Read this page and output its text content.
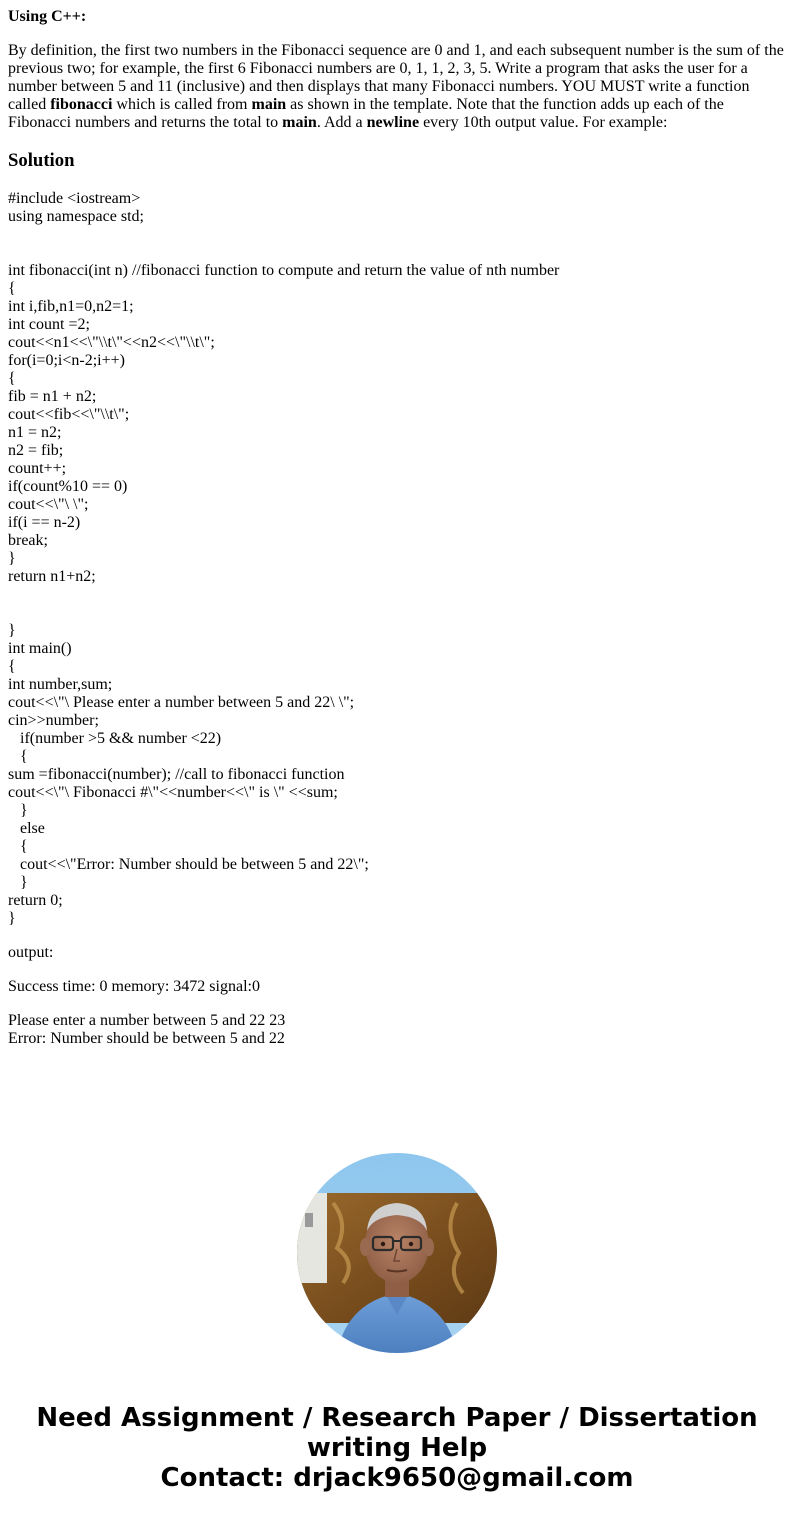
Using C++:
By definition, the first two numbers in the Fibonacci sequence are 0 and 1, and each subsequent number is the sum of the previous two; for example, the first 6 Fibonacci numbers are 0, 1, 1, 2, 3, 5. Write a program that asks the user for a number between 5 and 11 (inclusive) and then displays that many Fibonacci numbers. YOU MUST write a function called fibonacci which is called from main as shown in the template. Note that the function adds up each of the Fibonacci numbers and returns the total to main. Add a newline every 10th output value. For example:
Solution
#include <iostream>
using namespace std;
int fibonacci(int n) //fibonacci function to compute and return the value of nth number
{
int i,fib,n1=0,n2=1;
int count =2;
cout<<n1<<\"\\t\"<<n2<<\"\\t\";
for(i=0;i<n-2;i++)
{
fib = n1 + n2;
cout<<fib<<\"\\t\";
n1 = n2;
n2 = fib;
count++;
if(count%10 == 0)
cout<<\"\ \";
if(i == n-2)
break;
}
return n1+n2;
}
int main()
{
int number,sum;
cout<<\"\ Please enter a number between 5 and 22\ \";
cin>>number;
if(number >5 && number <22)
{
sum =fibonacci(number); //call to fibonacci function
cout<<\"\ Fibonacci #\"<<number<<\" is \" <<sum;
}
else
{
cout<<\"Error: Number should be between 5 and 22\";
}
return 0;
}
output:
Success time: 0 memory: 3472 signal:0
Please enter a number between 5 and 22 23
Error: Number should be between 5 and 22
Need Assignment / Research Paper / Dissertation
writing Help
Contact: drjack9650@gmail.com
